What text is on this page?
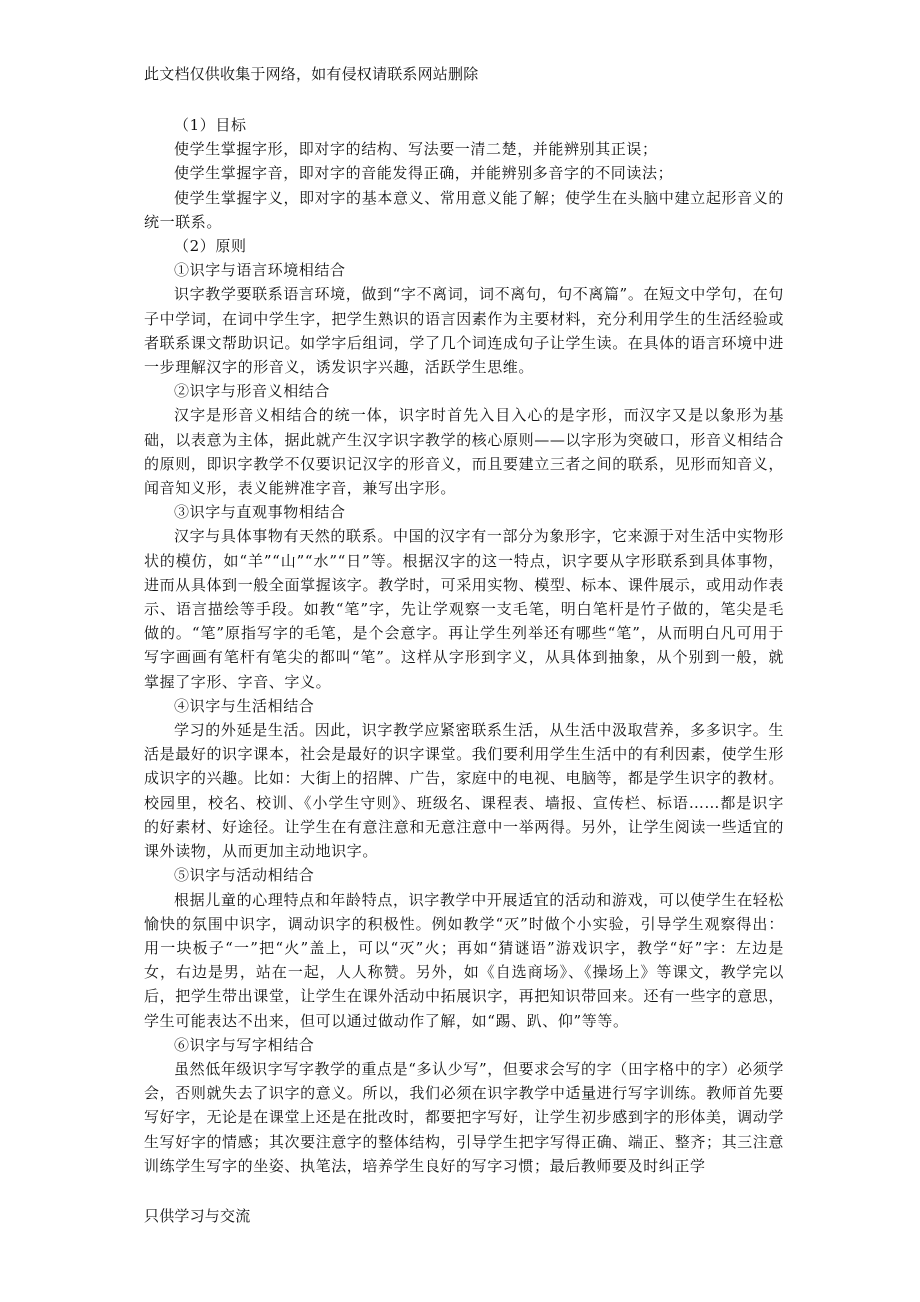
此文档仅供收集于网络，如有侵权请联系网站删除

（1）目标

使学生掌握字形，即对字的结构、写法要一清二楚，并能辨别其正误；

使学生掌握字音，即对字的音能发得正确，并能辨别多音字的不同读法；

使学生掌握字义，即对字的基本意义、常用意义能了解；使学生在头脑中建立起形音义的统一联系。

（2）原则

①识字与语言环境相结合

识字教学要联系语言环境，做到“字不离词，词不离句，句不离篇”。在短文中学句，在句子中学词，在词中学生字，把学生熟识的语言因素作为主要材料，充分利用学生的生活经验或者联系课文帮助识记。如学字后组词，学了几个词连成句子让学生读。在具体的语言环境中进一步理解汉字的形音义，诱发识字兴趣，活跃学生思维。

②识字与形音义相结合

汉字是形音义相结合的统一体，识字时首先入目入心的是字形，而汉字又是以象形为基础，以表意为主体，据此就产生汉字识字教学的核心原则——以字形为突破口，形音义相结合的原则，即识字教学不仅要识记汉字的形音义，而且要建立三者之间的联系，见形而知音义，闻音知义形，表义能辨准字音，兼写出字形。

③识字与直观事物相结合

汉字与具体事物有天然的联系。中国的汉字有一部分为象形字，它来源于对生活中实物形状的模仿，如“羊”“山”“水”“日”等。根据汉字的这一特点，识字要从字形联系到具体事物，进而从具体到一般全面掌握该字。教学时，可采用实物、模型、标本、课件展示，或用动作表示、语言描绘等手段。如教“笔”字，先让学观察一支毛笔，明白笔杆是竹子做的，笔尖是毛做的。“笔”原指写字的毛笔，是个会意字。再让学生列举还有哪些“笔”，从而明白凡可用于写字画画有笔杆有笔尖的都叫“笔”。这样从字形到字义，从具体到抽象，从个别到一般，就掌握了字形、字音、字义。

④识字与生活相结合

学习的外延是生活。因此，识字教学应紧密联系生活，从生活中汲取营养，多多识字。生活是最好的识字课本，社会是最好的识字课堂。我们要利用学生生活中的有利因素，使学生形成识字的兴趣。比如：大街上的招牌、广告，家庭中的电视、电脑等，都是学生识字的教材。校园里，校名、校训、《小学生守则》、班级名、课程表、墙报、宣传栏、标语……都是识字的好素材、好途径。让学生在有意注意和无意注意中一举两得。另外，让学生阅读一些适宜的课外读物，从而更加主动地识字。

⑤识字与活动相结合

根据儿童的心理特点和年龄特点，识字教学中开展适宜的活动和游戏，可以使学生在轻松愉快的氛围中识字，调动识字的积极性。例如教学“灭”时做个小实验，引导学生观察得出：用一块板子“一”把“火”盖上，可以“灭”火；再如“猜谜语”游戏识字，教学“好”字：左边是女，右边是男，站在一起，人人称赞。另外，如《自选商场》、《操场上》等课文，教学完以后，把学生带出课堂，让学生在课外活动中拓展识字，再把知识带回来。还有一些字的意思，学生可能表达不出来，但可以通过做动作了解，如“踢、趴、仰”等等。

⑥识字与写字相结合

虽然低年级识字写字教学的重点是“多认少写”，但要求会写的字（田字格中的字）必须学会，否则就失去了识字的意义。所以，我们必须在识字教学中适量进行写字训练。教师首先要写好字，无论是在课堂上还是在批改时，都要把字写好，让学生初步感到字的形体美，调动学生写好字的情感；其次要注意字的整体结构，引导学生把字写得正确、端正、整齐；其三注意训练学生写字的坐姿、执笔法，培养学生良好的写字习惯；最后教师要及时纠正学

只供学习与交流
